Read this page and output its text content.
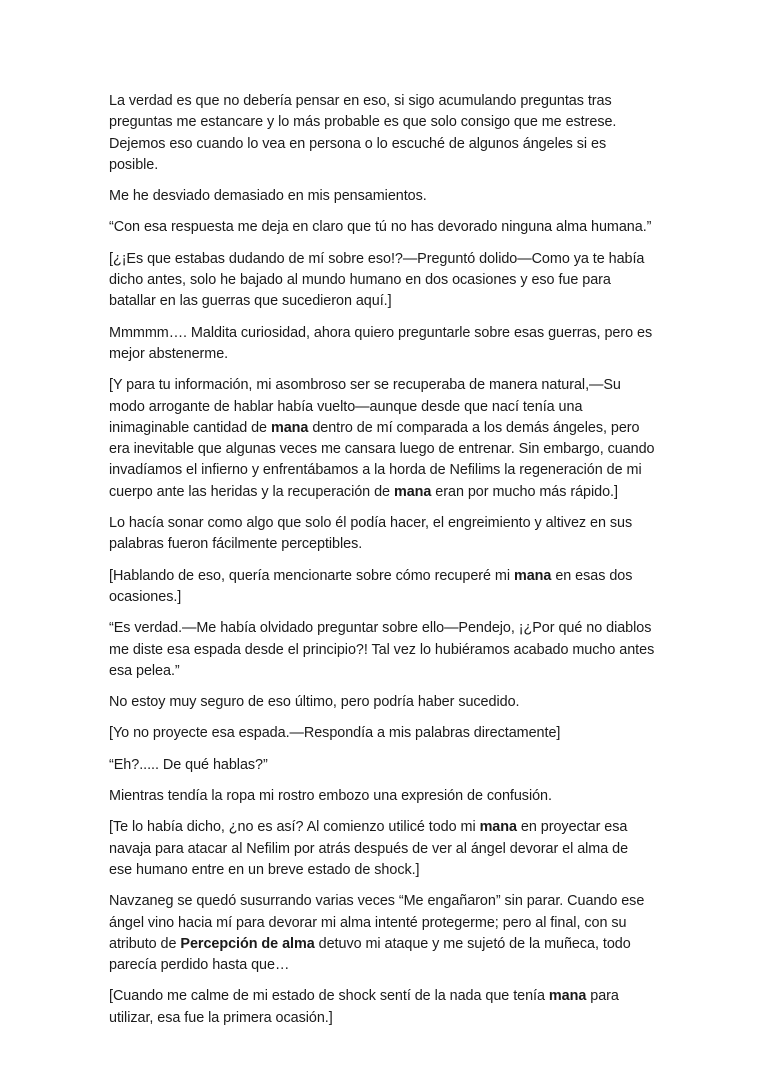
La verdad es que no debería pensar en eso, si sigo acumulando preguntas tras preguntas me estancare y lo más probable es que solo consigo que me estrese. Dejemos eso cuando lo vea en persona o lo escuché de algunos ángeles si es posible.

Me he desviado demasiado en mis pensamientos.

“Con esa respuesta me deja en claro que tú no has devorado ninguna alma humana.”

[¿¡Es que estabas dudando de mí sobre eso!?—Preguntó dolido—Como ya te había dicho antes, solo he bajado al mundo humano en dos ocasiones y eso fue para batallar en las guerras que sucedieron aquí.]

Mmmmm…. Maldita curiosidad, ahora quiero preguntarle sobre esas guerras, pero es mejor abstenerme.

[Y para tu información, mi asombroso ser se recuperaba de manera natural,—Su modo arrogante de hablar había vuelto—aunque desde que nací tenía una inimaginable cantidad de mana dentro de mí comparada a los demás ángeles, pero era inevitable que algunas veces me cansara luego de entrenar. Sin embargo, cuando invadíamos el infierno y enfrentábamos a la horda de Nefilims la regeneración de mi cuerpo ante las heridas y la recuperación de mana eran por mucho más rápido.]

Lo hacía sonar como algo que solo él podía hacer, el engreimiento y altivez en sus palabras fueron fácilmente perceptibles.

[Hablando de eso, quería mencionarte sobre cómo recuperé mi mana en esas dos ocasiones.]

“Es verdad.—Me había olvidado preguntar sobre ello—Pendejo, ¡¿Por qué no diablos me diste esa espada desde el principio?! Tal vez lo hubiéramos acabado mucho antes esa pelea.”

No estoy muy seguro de eso último, pero podría haber sucedido.

[Yo no proyecte esa espada.—Respondía a mis palabras directamente]

“Eh?..... De qué hablas?”

Mientras tendía la ropa mi rostro embozo una expresión de confusión.

[Te lo había dicho, ¿no es así? Al comienzo utilicé todo mi mana en proyectar esa navaja para atacar al Nefilim por atrás después de ver al ángel devorar el alma de ese humano entre en un breve estado de shock.]

Navzaneg se quedó susurrando varias veces “Me engañaron” sin parar. Cuando ese ángel vino hacia mí para devorar mi alma intenté protegerme; pero al final, con su atributo de Percepción de alma detuvo mi ataque y me sujetó de la muñeca, todo parecía perdido hasta que…

[Cuando me calme de mi estado de shock sentí de la nada que tenía mana para utilizar, esa fue la primera ocasión.]
